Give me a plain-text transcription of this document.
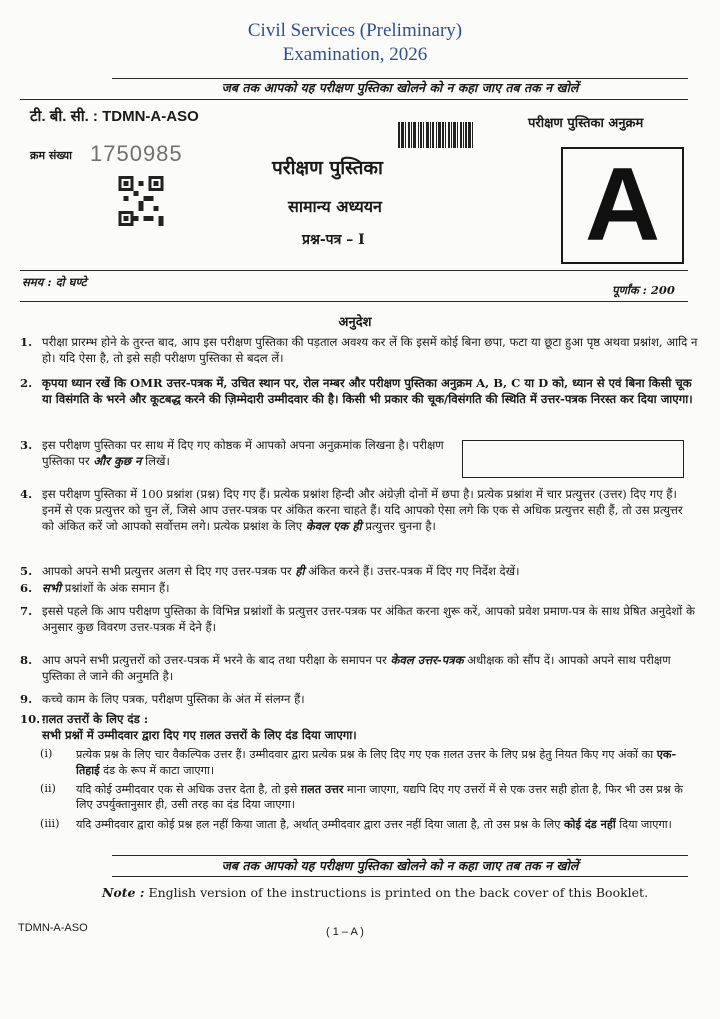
Civil Services (Preliminary)
Examination, 2026
जब तक आपको यह परीक्षण पुस्तिका खोलने को न कहा जाए तब तक न खोलें
टी. बी. सी. : TDMN-A-ASO	परीक्षण पुस्तिका अनुक्रम
क्रम संख्या 1750985
परीक्षण पुस्तिका
सामान्य अध्ययन
प्रश्न-पत्र – I A
समय : दो घण्टे
पूर्णांक : 200
अनुदेश
1. परीक्षा प्रारम्भ होने के तुरन्त बाद, आप इस परीक्षण पुस्तिका की पड़ताल अवश्य कर लें कि इसमें कोई बिना छपा, फटा या छूटा हुआ पृष्ठ अथवा प्रश्नांश, आदि न हो। यदि ऐसा है, तो इसे सही परीक्षण पुस्तिका से बदल लें।
2. कृपया ध्यान रखें कि OMR उत्तर-पत्रक में, उचित स्थान पर, रोल नम्बर और परीक्षण पुस्तिका अनुक्रम A, B, C या D को, ध्यान से एवं बिना किसी चूक या विसंगति के भरने और कूटबद्ध करने की ज़िम्मेदारी उम्मीदवार की है। किसी भी प्रकार की चूक/विसंगति की स्थिति में उत्तर-पत्रक निरस्त कर दिया जाएगा।
3. इस परीक्षण पुस्तिका पर साथ में दिए गए कोष्ठक में आपको अपना अनुक्रमांक लिखना है। परीक्षण पुस्तिका पर और कुछ न लिखें।
4. इस परीक्षण पुस्तिका में 100 प्रश्नांश (प्रश्न) दिए गए हैं। प्रत्येक प्रश्नांश हिन्दी और अंग्रेज़ी दोनों में छपा है। प्रत्येक प्रश्नांश में चार प्रत्युत्तर (उत्तर) दिए गए हैं। इनमें से एक प्रत्युत्तर को चुन लें, जिसे आप उत्तर-पत्रक पर अंकित करना चाहते हैं। यदि आपको ऐसा लगे कि एक से अधिक प्रत्युत्तर सही हैं, तो उस प्रत्युत्तर को अंकित करें जो आपको सर्वोत्तम लगे। प्रत्येक प्रश्नांश के लिए केवल एक ही प्रत्युत्तर चुनना है।
5. आपको अपने सभी प्रत्युत्तर अलग से दिए गए उत्तर-पत्रक पर ही अंकित करने हैं। उत्तर-पत्रक में दिए गए निर्देश देखें।
6. सभी प्रश्नांशों के अंक समान हैं।
7. इससे पहले कि आप परीक्षण पुस्तिका के विभिन्न प्रश्नांशों के प्रत्युत्तर उत्तर-पत्रक पर अंकित करना शुरू करें, आपको प्रवेश प्रमाण-पत्र के साथ प्रेषित अनुदेशों के अनुसार कुछ विवरण उत्तर-पत्रक में देने हैं।
8. आप अपने सभी प्रत्युत्तरों को उत्तर-पत्रक में भरने के बाद तथा परीक्षा के समापन पर केवल उत्तर-पत्रक अधीक्षक को सौंप दें। आपको अपने साथ परीक्षण पुस्तिका ले जाने की अनुमति है।
9. कच्चे काम के लिए पत्रक, परीक्षण पुस्तिका के अंत में संलग्न हैं।
10. ग़लत उत्तरों के लिए दंड :
सभी प्रश्नों में उम्मीदवार द्वारा दिए गए ग़लत उत्तरों के लिए दंड दिया जाएगा।
(i) प्रत्येक प्रश्न के लिए चार वैकल्पिक उत्तर हैं। उम्मीदवार द्वारा प्रत्येक प्रश्न के लिए दिए गए एक ग़लत उत्तर के लिए प्रश्न हेतु नियत किए गए अंकों का एक-तिहाई दंड के रूप में काटा जाएगा।
(ii) यदि कोई उम्मीदवार एक से अधिक उत्तर देता है, तो इसे ग़लत उत्तर माना जाएगा, यद्यपि दिए गए उत्तरों में से एक उत्तर सही होता है, फिर भी उस प्रश्न के लिए उपर्युक्तानुसार ही, उसी तरह का दंड दिया जाएगा।
(iii) यदि उम्मीदवार द्वारा कोई प्रश्न हल नहीं किया जाता है, अर्थात् उम्मीदवार द्वारा उत्तर नहीं दिया जाता है, तो उस प्रश्न के लिए कोई दंड नहीं दिया जाएगा।
जब तक आपको यह परीक्षण पुस्तिका खोलने को न कहा जाए तब तक न खोलें
Note : English version of the instructions is printed on the back cover of this Booklet.
TDMN-A-ASO	( 1 – A )
